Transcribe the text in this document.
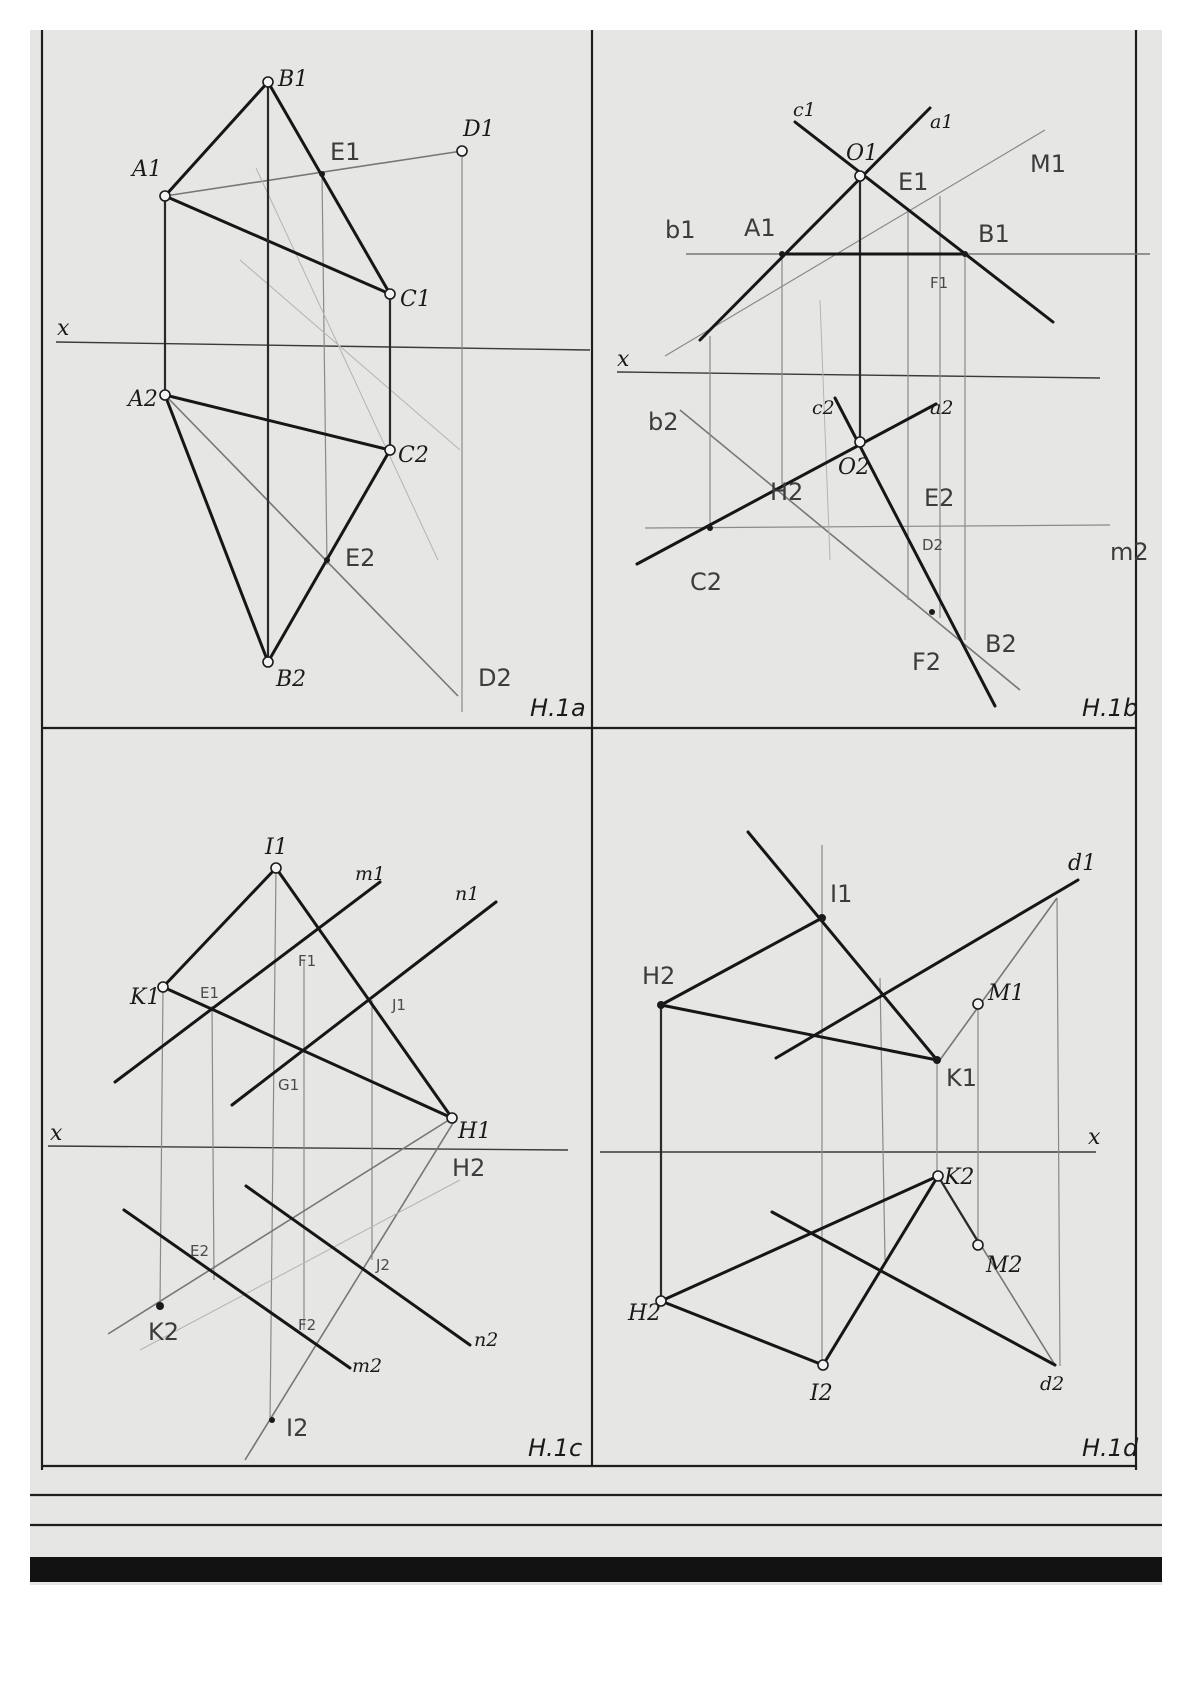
x
B1
D1
A1
C1
A2
C2
B2
E1
E2
D2
H.1a
x
c1
a1
O1
c2	a2
O2
M1
E1
b1 A1	B1
F1
b2
E2
D2
H2
C2
m2
F2
B2
H.1b
x
I1
m1
n1
K1
H1
m2
n2
E1
F1
J1
G1
H2
E2
J2
F2
K2
I2
H.1c
x
d1
M1
K2
M2
H2
I2	d2
I1
H2
K1
H.1d
